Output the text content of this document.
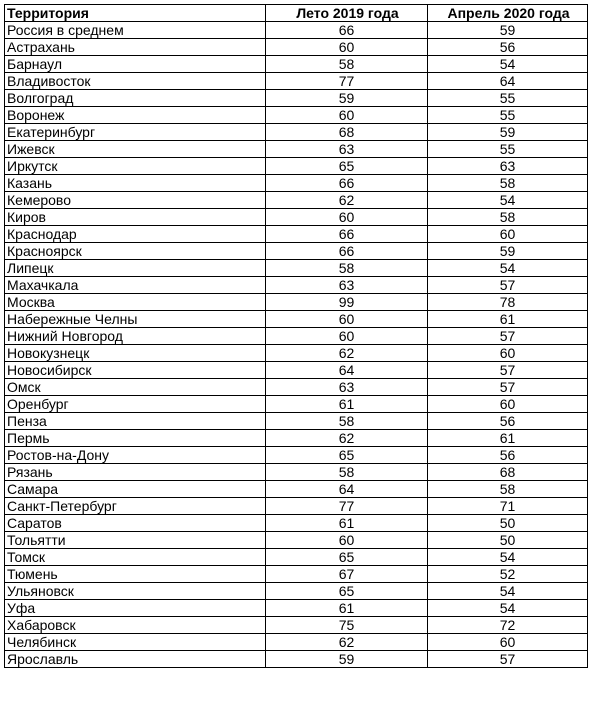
Территория	Лето 2019 года	Апрель 2020 года
Россия в среднем	66	59
Астрахань	60	56
Барнаул	58	54
Владивосток	77	64
Волгоград	59	55
Воронеж	60	55
Екатеринбург	68	59
Ижевск	63	55
Иркутск	65	63
Казань	66	58
Кемерово	62	54
Киров	60	58
Краснодар	66	60
Красноярск	66	59
Липецк	58	54
Махачкала	63	57
Москва	99	78
Набережные Челны	60	61
Нижний Новгород	60	57
Новокузнецк	62	60
Новосибирск	64	57
Омск	63	57
Оренбург	61	60
Пенза	58	56
Пермь	62	61
Ростов-на-Дону	65	56
Рязань	58	68
Самара	64	58
Санкт-Петербург	77	71
Саратов	61	50
Тольятти	60	50
Томск	65	54
Тюмень	67	52
Ульяновск	65	54
Уфа	61	54
Хабаровск	75	72
Челябинск	62	60
Ярославль	59	57
